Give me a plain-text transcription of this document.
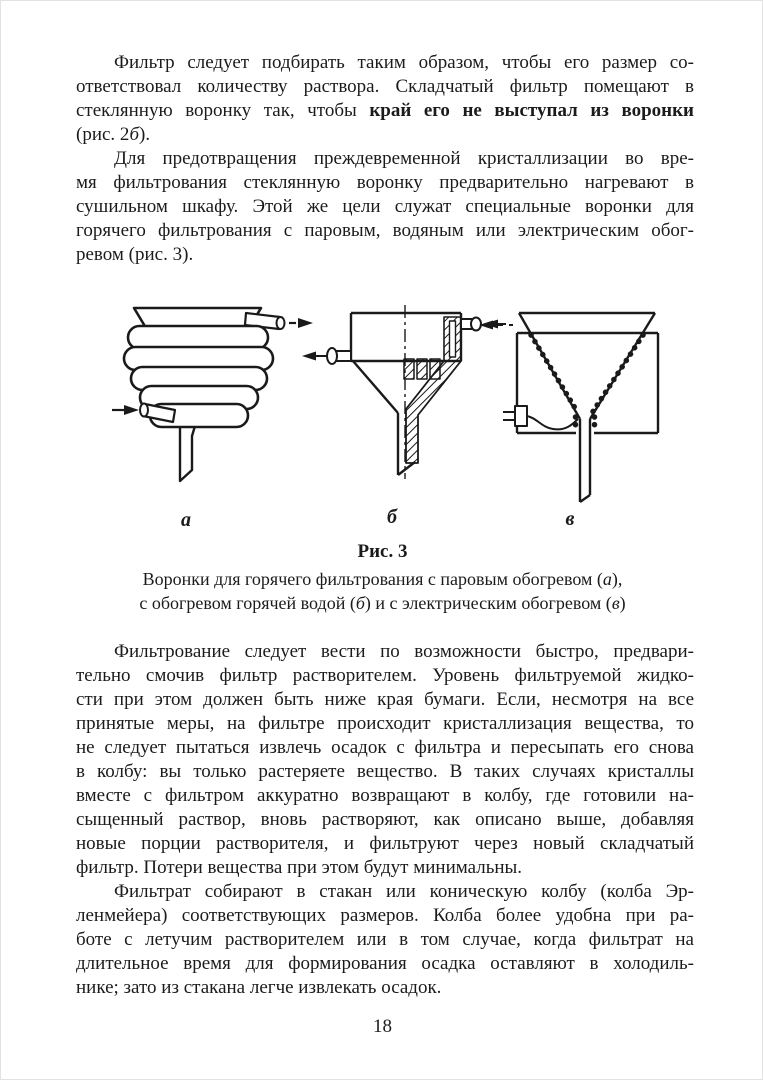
Фильтр следует подбирать таким образом, чтобы его размер со-
ответствовал количеству раствора. Складчатый фильтр помещают в
стеклянную воронку так, чтобы край его не выступал из воронки
(рис. 2б).
Для предотвращения преждевременной кристаллизации во вре-
мя фильтрования стеклянную воронку предварительно нагревают в
сушильном шкафу. Этой же цели служат специальные воронки для
горячего фильтрования с паровым, водяным или электрическим обог-
ревом (рис. 3).
а	б	в
Рис. 3
Воронки для горячего фильтрования с паровым обогревом (а),
с обогревом горячей водой (б) и с электрическим обогревом (в)
Фильтрование следует вести по возможности быстро, предвари-
тельно смочив фильтр растворителем. Уровень фильтруемой жидко-
сти при этом должен быть ниже края бумаги. Если, несмотря на все
принятые меры, на фильтре происходит кристаллизация вещества, то
не следует пытаться извлечь осадок с фильтра и пересыпать его снова
в колбу: вы только растеряете вещество. В таких случаях кристаллы
вместе с фильтром аккуратно возвращают в колбу, где готовили на-
сыщенный раствор, вновь растворяют, как описано выше, добавляя
новые порции растворителя, и фильтруют через новый складчатый
фильтр. Потери вещества при этом будут минимальны.
Фильтрат собирают в стакан или коническую колбу (колба Эр-
ленмейера) соответствующих размеров. Колба более удобна при ра-
боте с летучим растворителем или в том случае, когда фильтрат на
длительное время для формирования осадка оставляют в холодиль-
нике; зато из стакана легче извлекать осадок.
18
